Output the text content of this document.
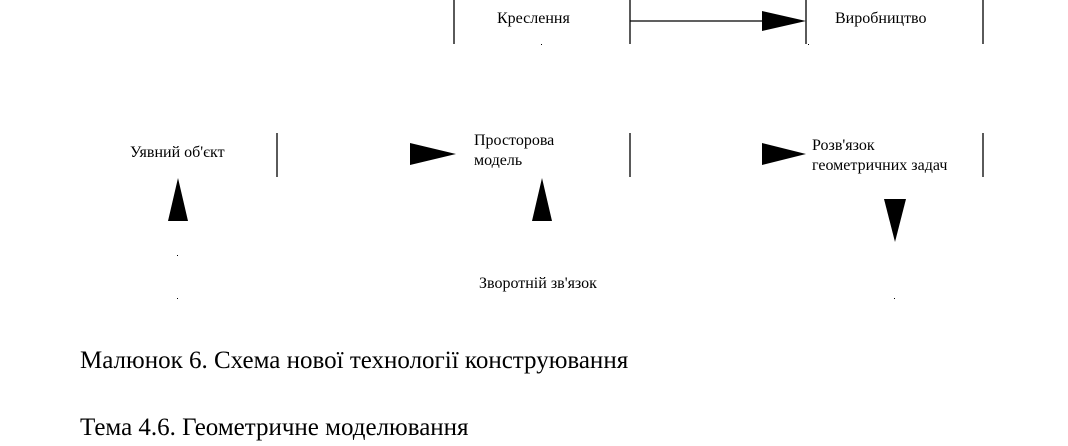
Креслення	Виробництво
Уявний об'єкт
Просторова
модель
Розв'язок
геометричних задач
Зворотній зв'язок
Малюнок 6. Схема нової технології конструювання
Тема 4.6. Геометричне моделювання
